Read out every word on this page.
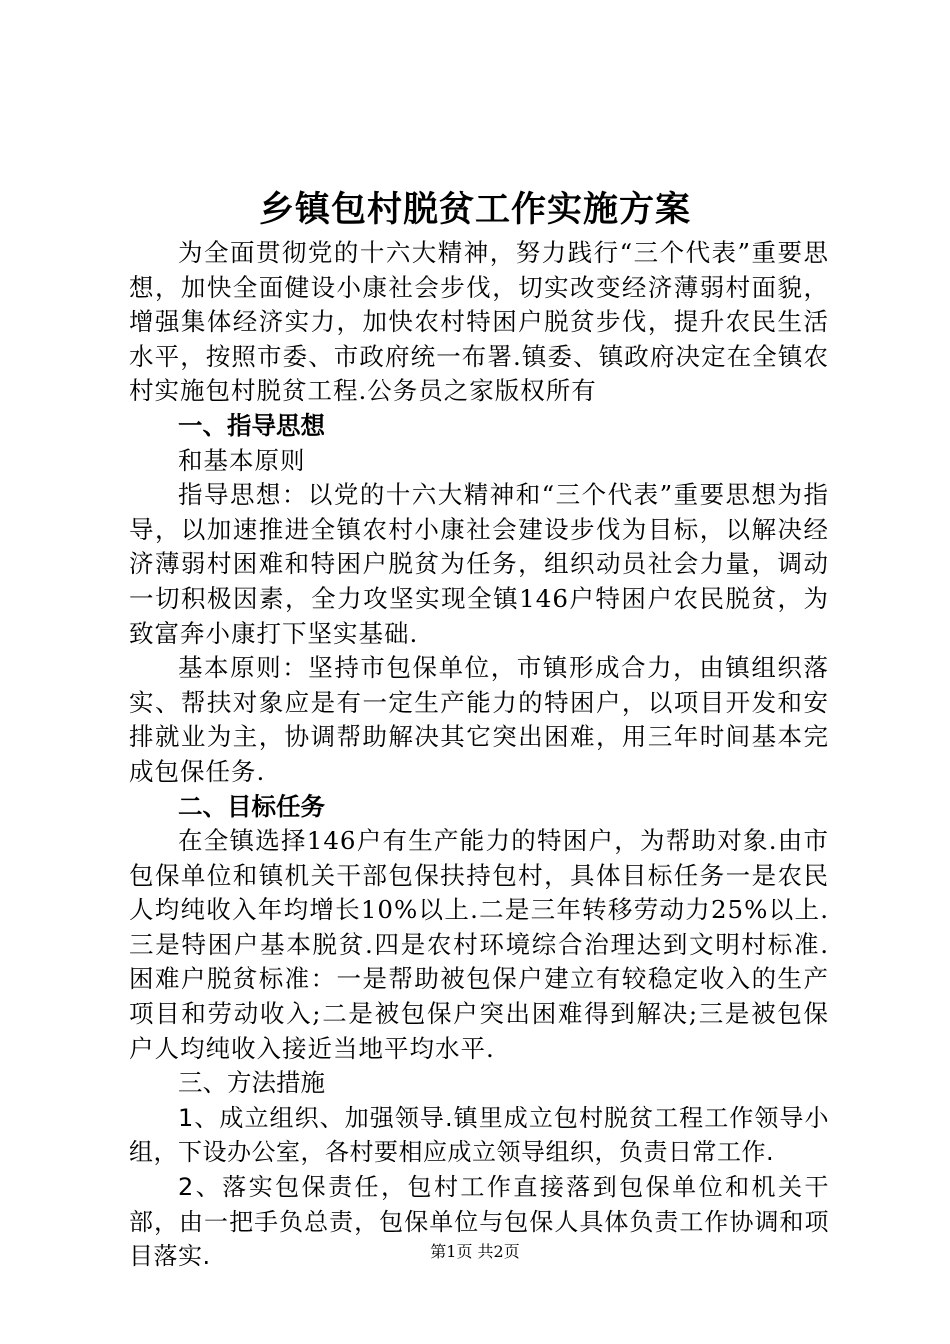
乡镇包村脱贫工作实施方案

为全面贯彻党的十六大精神，努力践行“三个代表”重要思想，加快全面健设小康社会步伐，切实改变经济薄弱村面貌，增强集体经济实力，加快农村特困户脱贫步伐，提升农民生活水平，按照市委、市政府统一布署.镇委、镇政府决定在全镇农村实施包村脱贫工程.公务员之家版权所有

一、指导思想

和基本原则

指导思想：以党的十六大精神和“三个代表”重要思想为指导，以加速推进全镇农村小康社会建设步伐为目标，以解决经济薄弱村困难和特困户脱贫为任务，组织动员社会力量，调动一切积极因素，全力攻坚实现全镇146户特困户农民脱贫，为致富奔小康打下坚实基础.

基本原则：坚持市包保单位，市镇形成合力，由镇组织落实、帮扶对象应是有一定生产能力的特困户，以项目开发和安排就业为主，协调帮助解决其它突出困难，用三年时间基本完成包保任务.

二、目标任务

在全镇选择146户有生产能力的特困户，为帮助对象.由市包保单位和镇机关干部包保扶持包村，具体目标任务一是农民人均纯收入年均增长10%以上.二是三年转移劳动力25%以上.三是特困户基本脱贫.四是农村环境综合治理达到文明村标准.困难户脱贫标准：一是帮助被包保户建立有较稳定收入的生产项目和劳动收入;二是被包保户突出困难得到解决;三是被包保户人均纯收入接近当地平均水平.

三、方法措施

1、成立组织、加强领导.镇里成立包村脱贫工程工作领导小组，下设办公室，各村要相应成立领导组织，负责日常工作.

2、落实包保责任，包村工作直接落到包保单位和机关干部，由一把手负总责，包保单位与包保人具体负责工作协调和项目落实.	第1页 共2页
